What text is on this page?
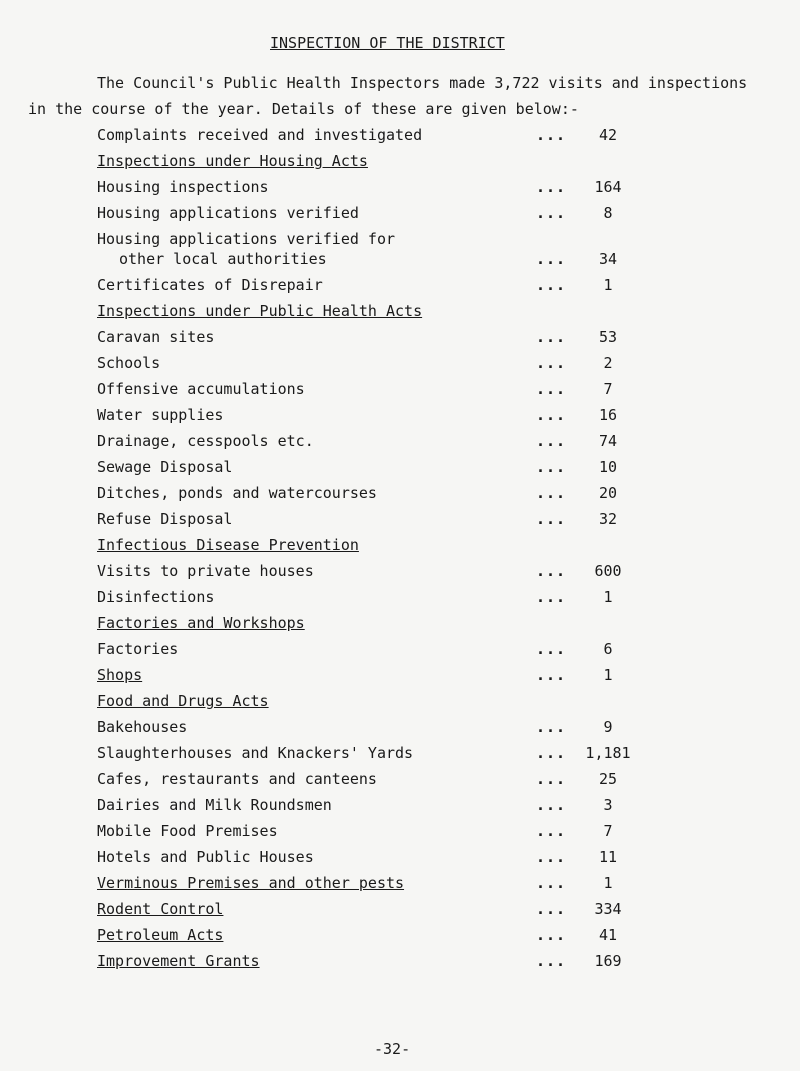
INSPECTION OF THE DISTRICT
The Council's Public Health Inspectors made 3,722 visits and inspections
in the course of the year. Details of these are given below:-
Complaints received and investigated	...	42
Inspections under Housing Acts
Housing inspections	...	164
Housing applications verified	...	8
Housing applications verified for
other local authorities	...	34
Certificates of Disrepair	...	1
Inspections under Public Health Acts
Caravan sites	...	53
Schools	...	2
Offensive accumulations	...	7
Water supplies	...	16
Drainage, cesspools etc.	...	74
Sewage Disposal	...	10
Ditches, ponds and watercourses	...	20
Refuse Disposal	...	32
Infectious Disease Prevention
Visits to private houses	...	600
Disinfections	...	1
Factories and Workshops
Factories	...	6
Shops	...	1
Food and Drugs Acts
Bakehouses	...	9
Slaughterhouses and Knackers' Yards	...	1,181
Cafes, restaurants and canteens	...	25
Dairies and Milk Roundsmen	...	3
Mobile Food Premises	...	7
Hotels and Public Houses	...	11
Verminous Premises and other pests	...	1
Rodent Control	...	334
Petroleum Acts	...	41
Improvement Grants	...	169
-32-
